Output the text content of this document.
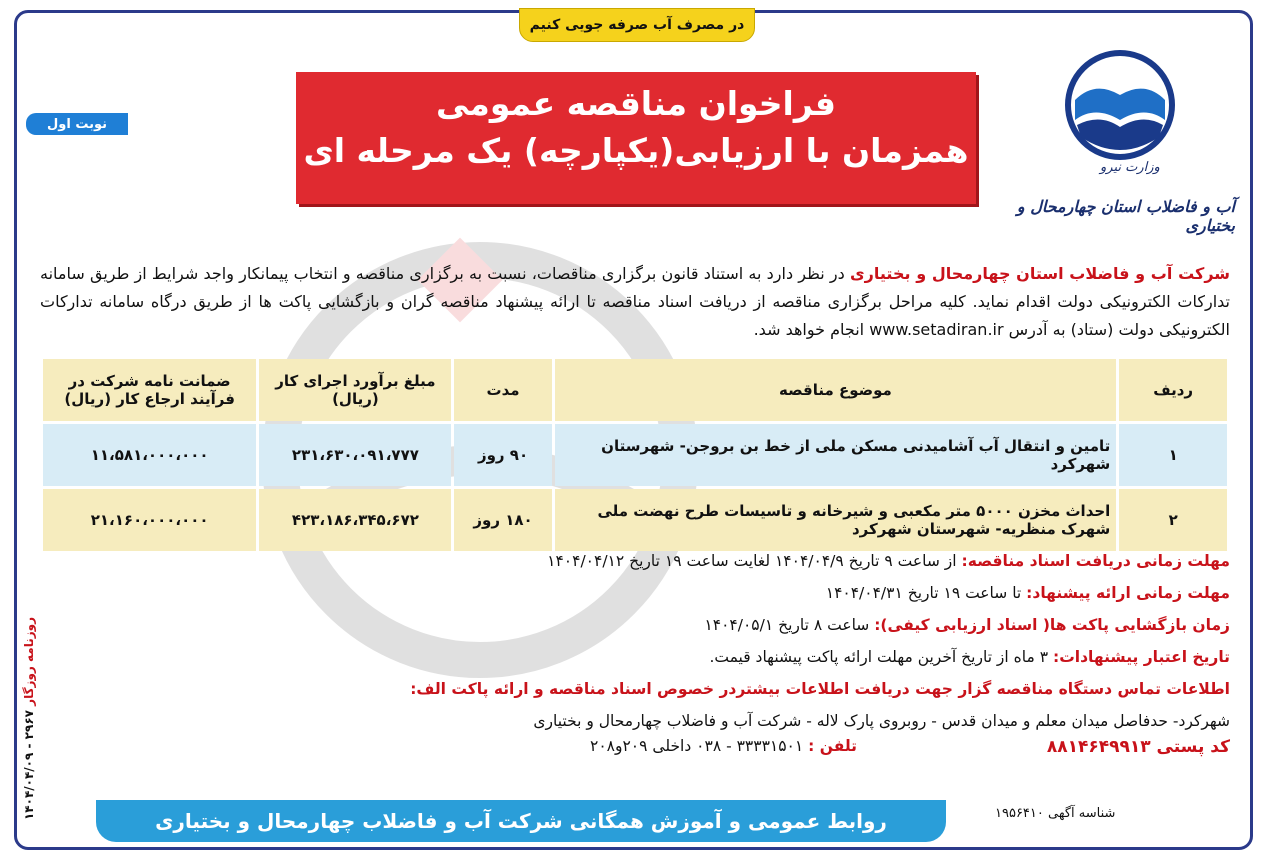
در مصرف آب صرفه جویی کنیم
فراخوان مناقصه عمومی
همزمان با ارزیابی(یکپارچه) یک مرحله ای
نوبت اول
وزارت نیرو
آب و فاضلاب استان چهارمحال و بختیاری
شرکت آب و فاضلاب استان چهارمحال و بختیاری در نظر دارد به استناد قانون برگزاری مناقصات، نسبت به برگزاری مناقصه و انتخاب پیمانکار واجد شرایط از طریق سامانه تدارکات الکترونیکی دولت اقدام نماید. کلیه مراحل برگزاری مناقصه از دریافت اسناد مناقصه تا ارائه پیشنهاد مناقصه گران و بازگشایی پاکت ها از طریق درگاه سامانه تدارکات الکترونیکی دولت (ستاد) به آدرس www.setadiran.ir انجام خواهد شد.
ردیف	موضوع مناقصه	مدت	مبلغ برآورد اجرای کار (ریال)	ضمانت نامه شرکت در فرآیند ارجاع کار (ریال)
۱	تامین و انتقال آب آشامیدنی مسکن ملی از خط بن بروجن- شهرستان شهرکرد	۹۰ روز	۲۳۱،۶۳۰،۰۹۱،۷۷۷	۱۱،۵۸۱،۰۰۰،۰۰۰
۲	احداث مخزن ۵۰۰۰ متر مکعبی و شیرخانه و تاسیسات طرح نهضت ملی شهرک منظریه- شهرستان شهرکرد	۱۸۰ روز	۴۲۳،۱۸۶،۳۴۵،۶۷۲	۲۱،۱۶۰،۰۰۰،۰۰۰
مهلت زمانی دریافت اسناد مناقصه: از ساعت ۹ تاریخ ۱۴۰۴/۰۴/۹ لغایت ساعت ۱۹ تاریخ ۱۴۰۴/۰۴/۱۲
مهلت زمانی ارائه پیشنهاد: تا ساعت ۱۹ تاریخ ۱۴۰۴/۰۴/۳۱
زمان بازگشایی پاکت ها( اسناد ارزیابی کیفی): ساعت ۸ تاریخ ۱۴۰۴/۰۵/۱
تاریخ اعتبار پیشنهادات: ۳ ماه از تاریخ آخرین مهلت ارائه پاکت پیشنهاد قیمت.
اطلاعات تماس دستگاه مناقصه گزار جهت دریافت اطلاعات بیشتردر خصوص اسناد مناقصه و ارائه پاکت الف:
شهرکرد- حدفاصل میدان معلم و میدان قدس - روبروی پارک لاله - شرکت آب و فاضلاب چهارمحال و بختیاری
کد پستی ۸۸۱۴۶۴۹۹۱۳
تلفن : ۳۳۳۳۱۵۰۱ - ۰۳۸ داخلی ۲۰۹و۲۰۸
روابط عمومی و آموزش همگانی شرکت آب و فاضلاب چهارمحال و بختیاری	شناسه آگهی ۱۹۵۶۴۱۰
روزنامه روزگار ۲۹۶۷ - ۱۴۰۴/۰۴/۰۹
